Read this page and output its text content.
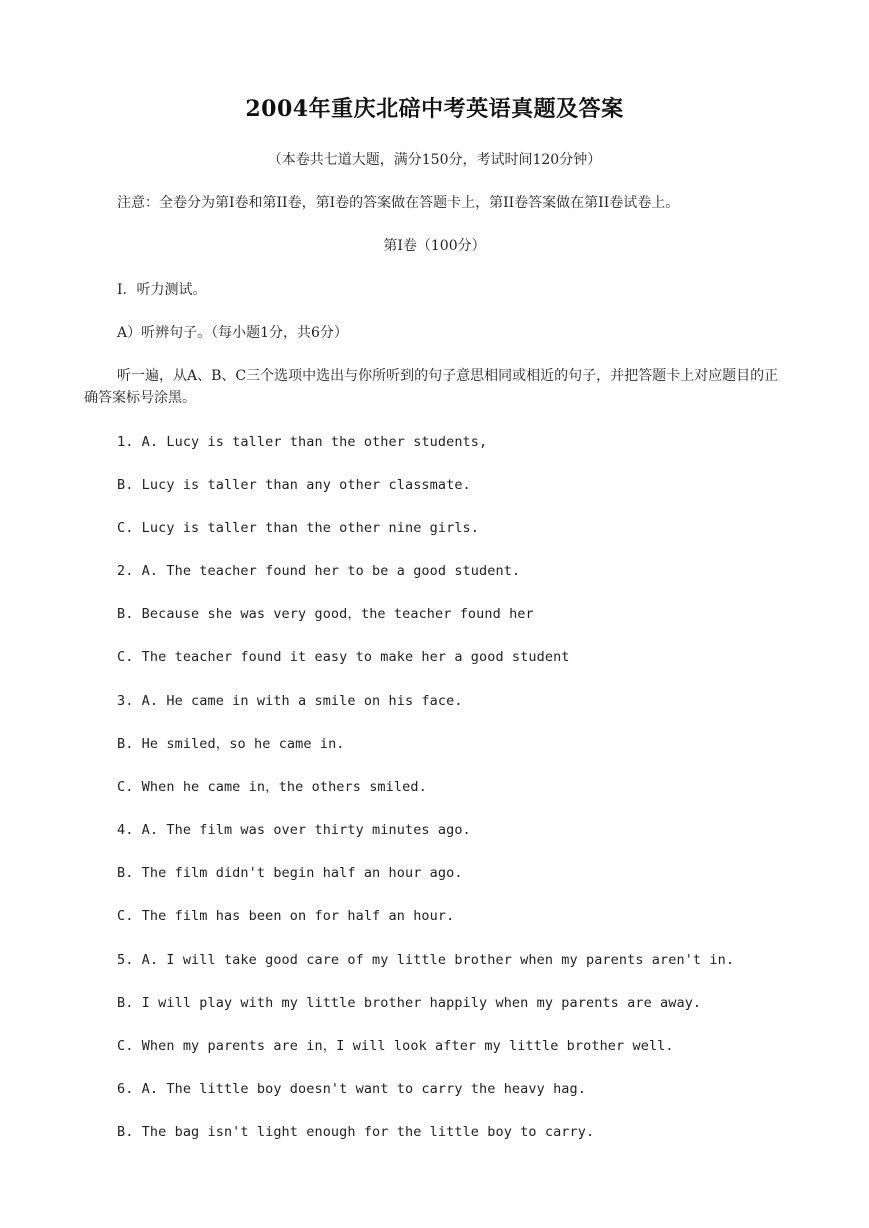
2004年重庆北碚中考英语真题及答案
（本卷共七道大题，满分150分，考试时间120分钟）
注意：全卷分为第I卷和第II卷，第I卷的答案做在答题卡上，第II卷答案做在第II卷试卷上。
第I卷（100分）
I．听力测试。
A）听辨句子。（每小题1分，共6分）
听一遍，从A、B、C三个选项中选出与你所听到的句子意思相同或相近的句子，并把答题卡上对应题目的正确答案标号涂黑。
1. A. Lucy is taller than the other students,
B. Lucy is taller than any other classmate.
C. Lucy is taller than the other nine girls.
2. A. The teacher found her to be a good student.
B. Because she was very good，the teacher found her
C. The teacher found it easy to make her a good student
3. A. He came in with a smile on his face.
B. He smiled，so he came in.
C. When he came in，the others smiled.
4. A. The film was over thirty minutes ago.
B. The film didn't begin half an hour ago.
C. The film has been on for half an hour.
5. A. I will take good care of my little brother when my parents aren't in.
B. I will play with my little brother happily when my parents are away.
C. When my parents are in，I will look after my little brother well.
6. A. The little boy doesn't want to carry the heavy hag.
B. The bag isn't light enough for the little boy to carry.
